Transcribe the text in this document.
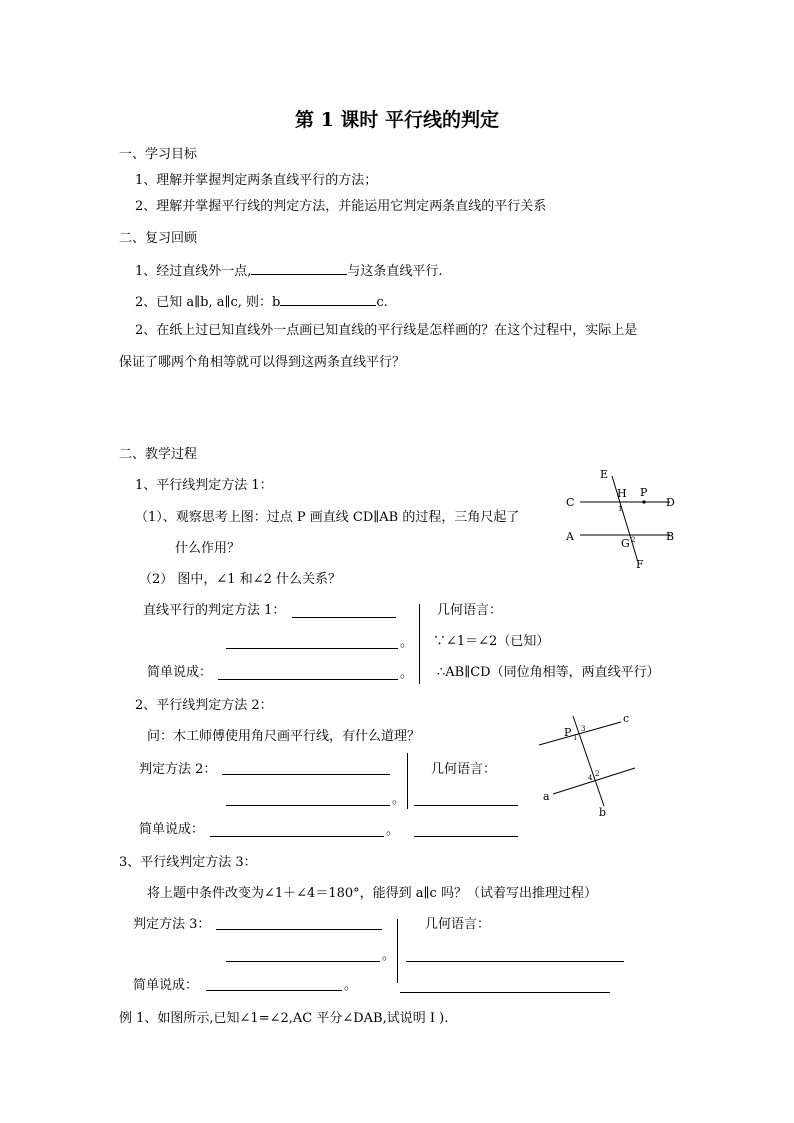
第 1 课时 平行线的判定
一、学习目标
1、理解并掌握判定两条直线平行的方法；
2、理解并掌握平行线的判定方法，并能运用它判定两条直线的平行关系
二、复习回顾
1、经过直线外一点,	与这条直线平行.
2、已知 a∥b, a∥c, 则：b	c.
2、在纸上过已知直线外一点画已知直线的平行线是怎样画的？在这个过程中，实际上是
保证了哪两个角相等就可以得到这两条直线平行？
二、教学过程
1、平行线判定方法 1：
（1）、观察思考上图：过点 P 画直线 CD∥AB 的过程，三角尺起了
什么作用？
（2） 图中，∠1 和∠2 什么关系？
直线平行的判定方法 1：
。
简单说成：	。
几何语言：
∵∠1＝∠2（已知）
∴AB∥CD（同位角相等，两直线平行）
2、平行线判定方法 2：
问：木工师傅使用角尺画平行线，有什么道理？
判定方法 2：
。
简单说成：	。
几何语言：
3、平行线判定方法 3：
将上题中条件改变为∠1＋∠4＝180°，能得到 a∥c 吗？（试着写出推理过程）
判定方法 3：
。
简单说成：	。
几何语言：
例 1、如图所示,已知∠1=∠2,AC 平分∠DAB,试说明 I ).
E
C
H P
D
A	B
G
F
1
2
c
P
a
b
3
1
2
4
